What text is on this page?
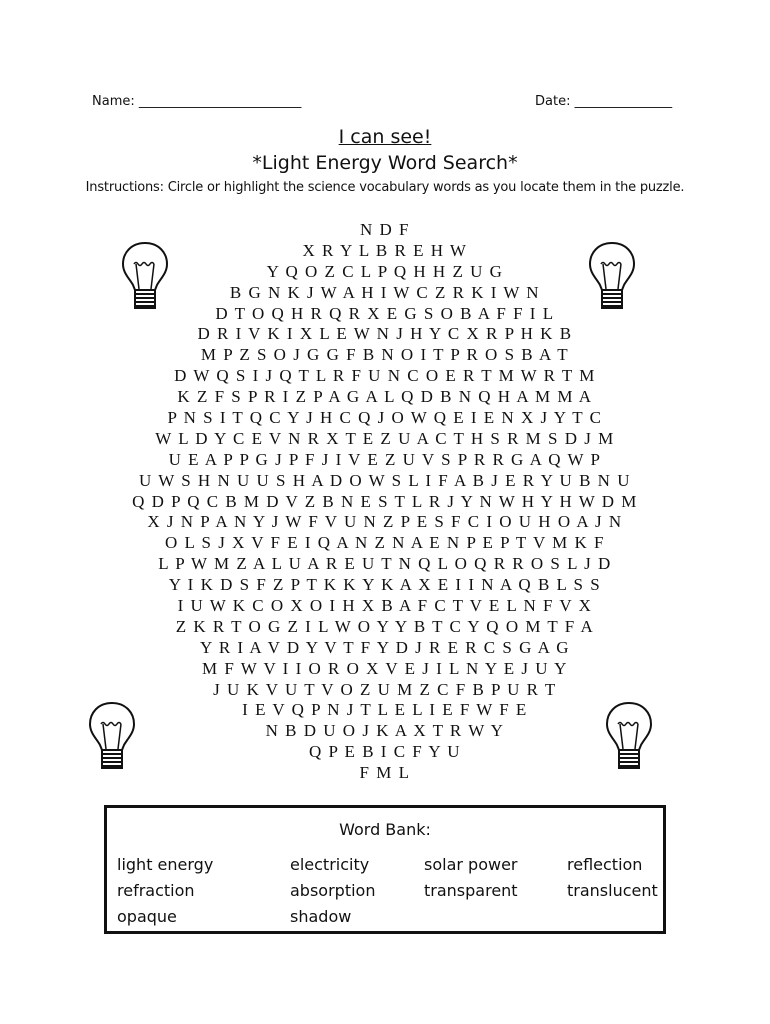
Name: _________________________	Date: _______________
I can see!
*Light Energy Word Search*
Instructions: Circle or highlight the science vocabulary words as you locate them in the puzzle.
N D F
X R Y L B R E H W
Y Q O Z C L P Q H H Z U G
B G N K J W A H I W C Z R K I W N
D T O Q H R Q R X E G S O B A F F I L
D R I V K I X L E W N J H Y C X R P H K B
M P Z S O J G G F B N O I T P R O S B A T
D W Q S I J Q T L R F U N C O E R T M W R T M
K Z F S P R I Z P A G A L Q D B N Q H A M M A
P N S I T Q C Y J H C Q J O W Q E I E N X J Y T C
W L D Y C E V N R X T E Z U A C T H S R M S D J M
U E A P P G J P F J I V E Z U V S P R R G A Q W P
U W S H N U U S H A D O W S L I F A B J E R Y U B N U
Q D P Q C B M D V Z B N E S T L R J Y N W H Y H W D M
X J N P A N Y J W F V U N Z P E S F C I O U H O A J N
O L S J X V F E I Q A N Z N A E N P E P T V M K F
L P W M Z A L U A R E U T N Q L O Q R R O S L J D
Y I K D S F Z P T K K Y K A X E I I N A Q B L S S
I U W K C O X O I H X B A F C T V E L N F V X
Z K R T O G Z I L W O Y Y B T C Y Q O M T F A
Y R I A V D Y V T F Y D J R E R C S G A G
M F W V I I O R O X V E J I L N Y E J U Y
J U K V U T V O Z U M Z C F B P U R T
I E V Q P N J T L E L I E F W F E
N B D U O J K A X T R W Y
Q P E B I C F Y U
F M L
Word Bank:
light energy	electricity	solar power	reflection
refraction	absorption	transparent	translucent
opaque	shadow
